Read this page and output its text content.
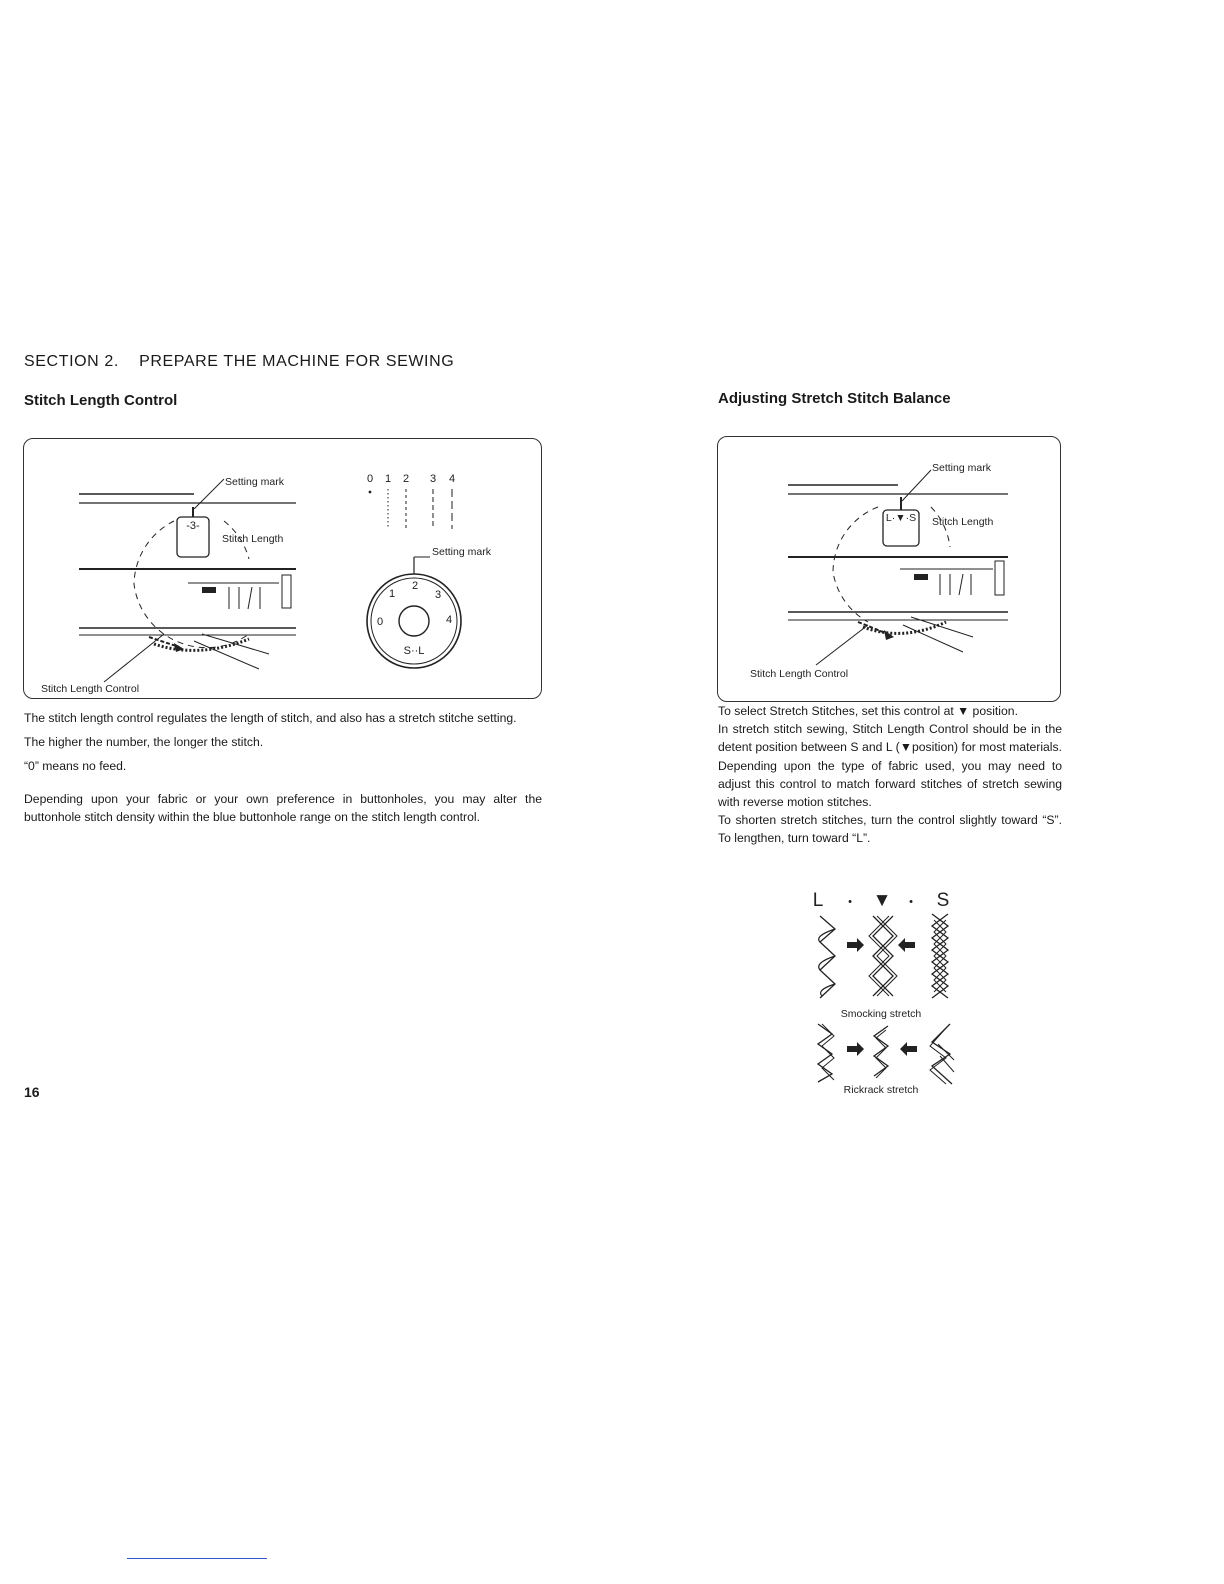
SECTION 2.    PREPARE THE MACHINE FOR SEWING
Stitch Length Control
-3-
Setting mark
Stitch Length
Stitch Length Control
0 1 2 3 4
Setting mark
0
1
2
3
4
S··L

The stitch length control regulates the length of stitch, and also has a stretch stitche setting.

The higher the number, the longer the stitch.

“0” means no feed.

Depending upon your fabric or your own preference in buttonholes, you may alter the buttonhole stitch density within the blue buttonhole range on the stitch length control.

16
Adjusting Stretch Stitch Balance
L·▼·S
Setting mark
Stitch Length
Stitch Length Control

To select Stretch Stitches, set this control at ▼ position.

In stretch stitch sewing, Stitch Length Control should be in the detent position between S and L (▼position) for most materials. Depending upon the type of fabric used, you may need to adjust this control to match forward stitches of stretch sewing with reverse motion stitches.

To shorten stretch stitches, turn the control slightly toward “S”. To lengthen, turn toward “L”.

L • ▼ • S
Smocking stretch
Rickrack stretch
